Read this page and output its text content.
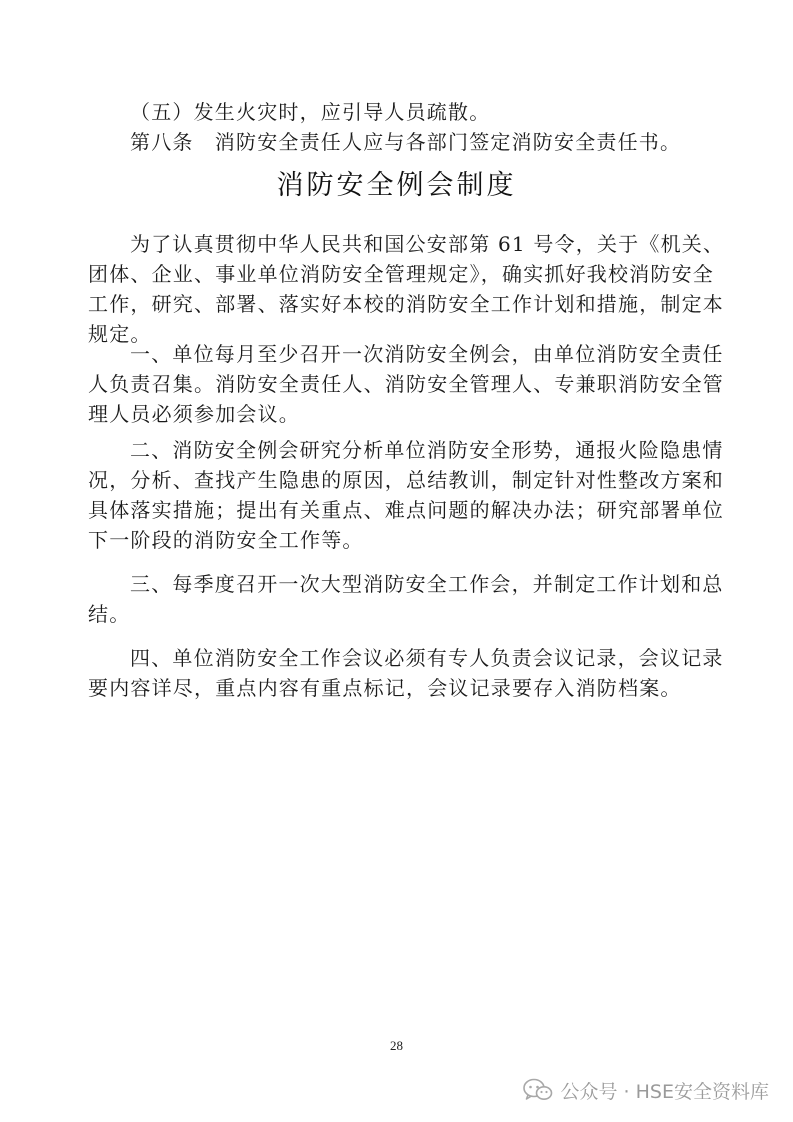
（五）发生火灾时，应引导人员疏散。
第八条　消防安全责任人应与各部门签定消防安全责任书。
消防安全例会制度
为了认真贯彻中华人民共和国公安部第 61 号令，关于《机关、
团体、企业、事业单位消防安全管理规定》，确实抓好我校消防安全
工作，研究、部署、落实好本校的消防安全工作计划和措施，制定本
规定。
一、单位每月至少召开一次消防安全例会，由单位消防安全责任
人负责召集。消防安全责任人、消防安全管理人、专兼职消防安全管
理人员必须参加会议。
二、消防安全例会研究分析单位消防安全形势，通报火险隐患情
况，分析、查找产生隐患的原因，总结教训，制定针对性整改方案和
具体落实措施；提出有关重点、难点问题的解决办法；研究部署单位
下一阶段的消防安全工作等。
三、每季度召开一次大型消防安全工作会，并制定工作计划和总
结。
四、单位消防安全工作会议必须有专人负责会议记录，会议记录
要内容详尽，重点内容有重点标记，会议记录要存入消防档案。
28
公众号 · HSE安全资料库
